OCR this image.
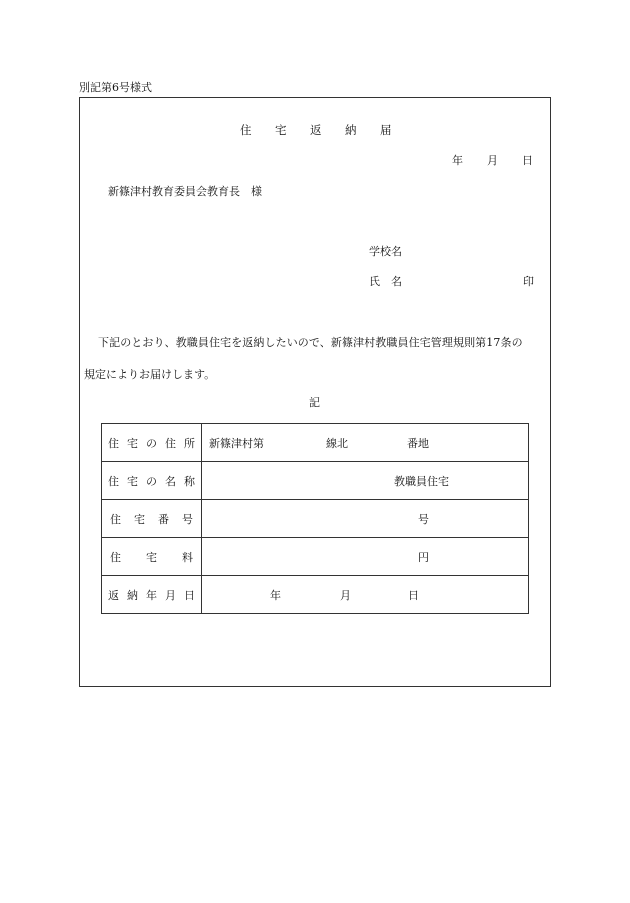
別記第6号様式
住 宅 返 納 届
年 月 日
新篠津村教育委員会教育長　様
学校名
氏　名	印
下記のとおり、教職員住宅を返納したいので、新篠津村教職員住宅管理規則第17条の
規定によりお届けします。
記
住 宅 の 住 所	新篠津村第 線北 番地

住 宅 の 名 称	教職員住宅

住 宅 番 号	号

住 宅 料	円

返 納 年 月 日	年 月 日
